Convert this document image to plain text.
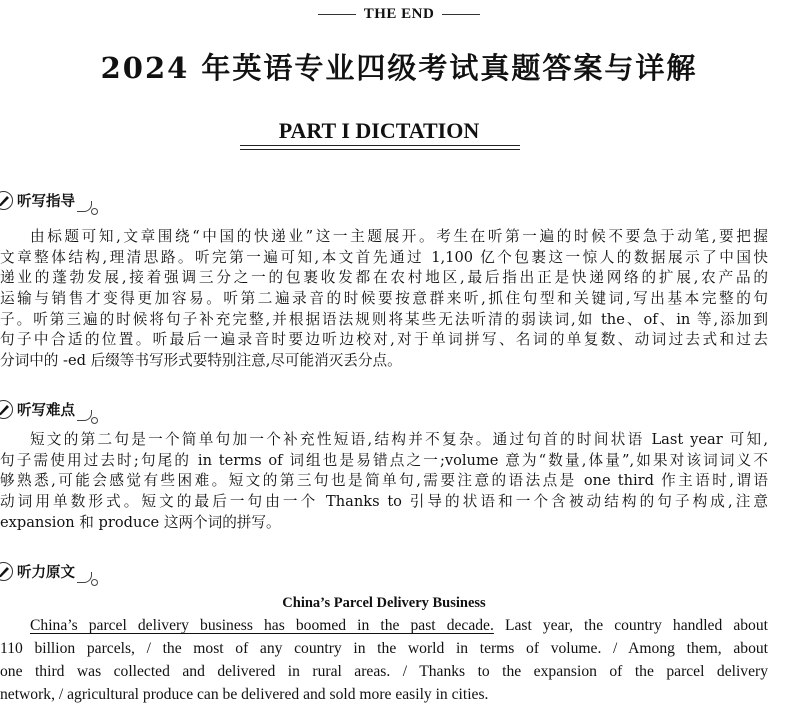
THE END
2024 年英语专业四级考试真题答案与详解
PART I DICTATION
听写指导
由标题可知,文章围绕“中国的快递业”这一主题展开。考生在听第一遍的时候不要急于动笔,要把握
文章整体结构,理清思路。听完第一遍可知,本文首先通过 1,100 亿个包裹这一惊人的数据展示了中国快
递业的蓬勃发展,接着强调三分之一的包裹收发都在农村地区,最后指出正是快递网络的扩展,农产品的
运输与销售才变得更加容易。听第二遍录音的时候要按意群来听,抓住句型和关键词,写出基本完整的句
子。听第三遍的时候将句子补充完整,并根据语法规则将某些无法听清的弱读词,如 the、of、in 等,添加到
句子中合适的位置。听最后一遍录音时要边听边校对,对于单词拼写、名词的单复数、动词过去式和过去
分词中的 -ed 后缀等书写形式要特别注意,尽可能消灭丢分点。
听写难点
短文的第二句是一个简单句加一个补充性短语,结构并不复杂。通过句首的时间状语 Last year 可知,
句子需使用过去时;句尾的 in terms of 词组也是易错点之一;volume 意为“数量,体量”,如果对该词词义不
够熟悉,可能会感觉有些困难。短文的第三句也是简单句,需要注意的语法点是 one third 作主语时,谓语
动词用单数形式。短文的最后一句由一个 Thanks to 引导的状语和一个含被动结构的句子构成,注意
expansion 和 produce 这两个词的拼写。
听力原文
China’s Parcel Delivery Business
China’s parcel delivery business has boomed in the past decade. Last year, the country handled about
110 billion parcels, / the most of any country in the world in terms of volume. / Among them, about
one third was collected and delivered in rural areas. / Thanks to the expansion of the parcel delivery
network, / agricultural produce can be delivered and sold more easily in cities.
